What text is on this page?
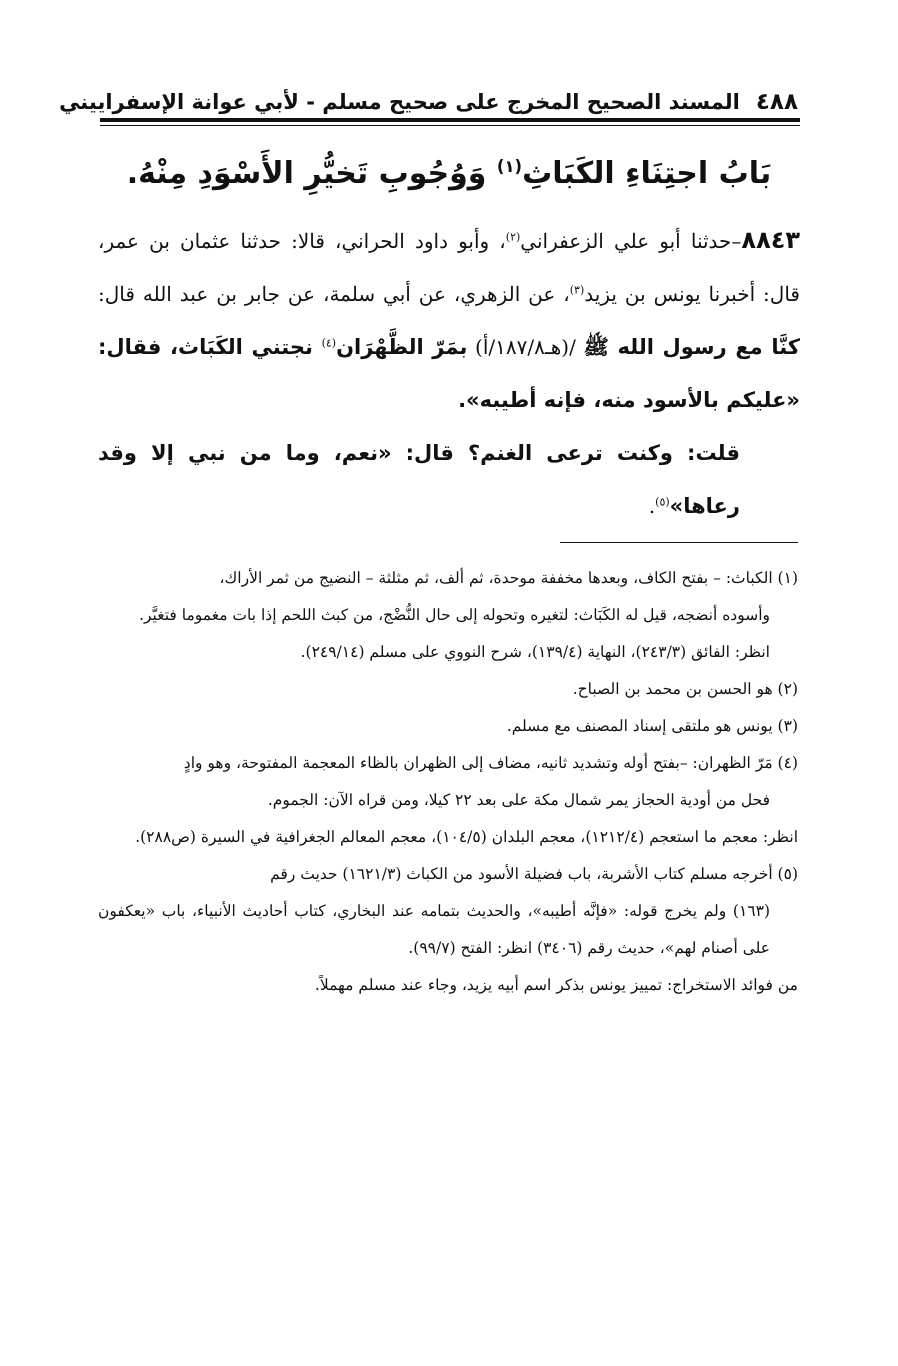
٤٨٨
المسند الصحيح المخرج على صحيح مسلم - لأبي عوانة الإسفراييني
بَابُ اجتِنَاءِ الكَبَاثِ$^{(١)}$ وَوُجُوبِ تَخيُّرِ الأَسْوَدِ مِنْهُ.

٨٨٤٣–حدثنا أبو علي الزعفراني$^{(٢)}$، وأبو داود الحراني، قالا: حدثنا عثمان بن عمر، قال: أخبرنا يونس بن يزيد$^{(٣)}$، عن الزهري، عن أبي سلمة، عن جابر بن عبد الله قال: كنَّا مع رسول الله ﷺ /(هـ١٨٧/٨/أ) بمَرّ الظَّهْرَان$^{(٤)}$ نجتني الكَبَاث، فقال: «عليكم بالأسود منه، فإنه أطيبه».

قلت: وكنت ترعى الغنم؟ قال: «نعم، وما من نبي إلا وقد رعاها»$^{(٥)}$.

(١) الكباث: – بفتح الكاف، وبعدها مخففة موحدة، ثم ألف، ثم مثلثة – النضيج من ثمر الأراك،

وأسوده أنضجه، قيل له الكَبَاث: لتغيره وتحوله إلى حال النُّضْج، من كبث اللحم إذا بات مغموما فتغيَّر.

انظر: الفائق (٢٤٣/٣)، النهاية (١٣٩/٤)، شرح النووي على مسلم (٢٤٩/١٤).

(٢) هو الحسن بن محمد بن الصباح.

(٣) يونس هو ملتقى إسناد المصنف مع مسلم.

(٤) مَرّ الظهران: –بفتح أوله وتشديد ثانيه، مضاف إلى الظهران بالظاء المعجمة المفتوحة، وهو وادٍ

فحل من أودية الحجاز يمر شمال مكة على بعد ٢٢ كيلا، ومن قراه الآن: الجموم.

انظر: معجم ما استعجم (١٢١٢/٤)، معجم البلدان (١٠٤/٥)، معجم المعالم الجغرافية في السيرة (ص٢٨٨).

(٥) أخرجه مسلم كتاب الأشربة، باب فضيلة الأسود من الكباث (١٦٢١/٣) حديث رقم

(١٦٣) ولم يخرج قوله: «فإنَّه أطيبه»، والحديث بتمامه عند البخاري، كتاب أحاديث الأنبياء، باب «يعكفون على أصنام لهم»، حديث رقم (٣٤٠٦) انظر: الفتح (٩٩/٧).

من فوائد الاستخراج: تمييز يونس بذكر اسم أبيه يزيد، وجاء عند مسلم مهملاً.
